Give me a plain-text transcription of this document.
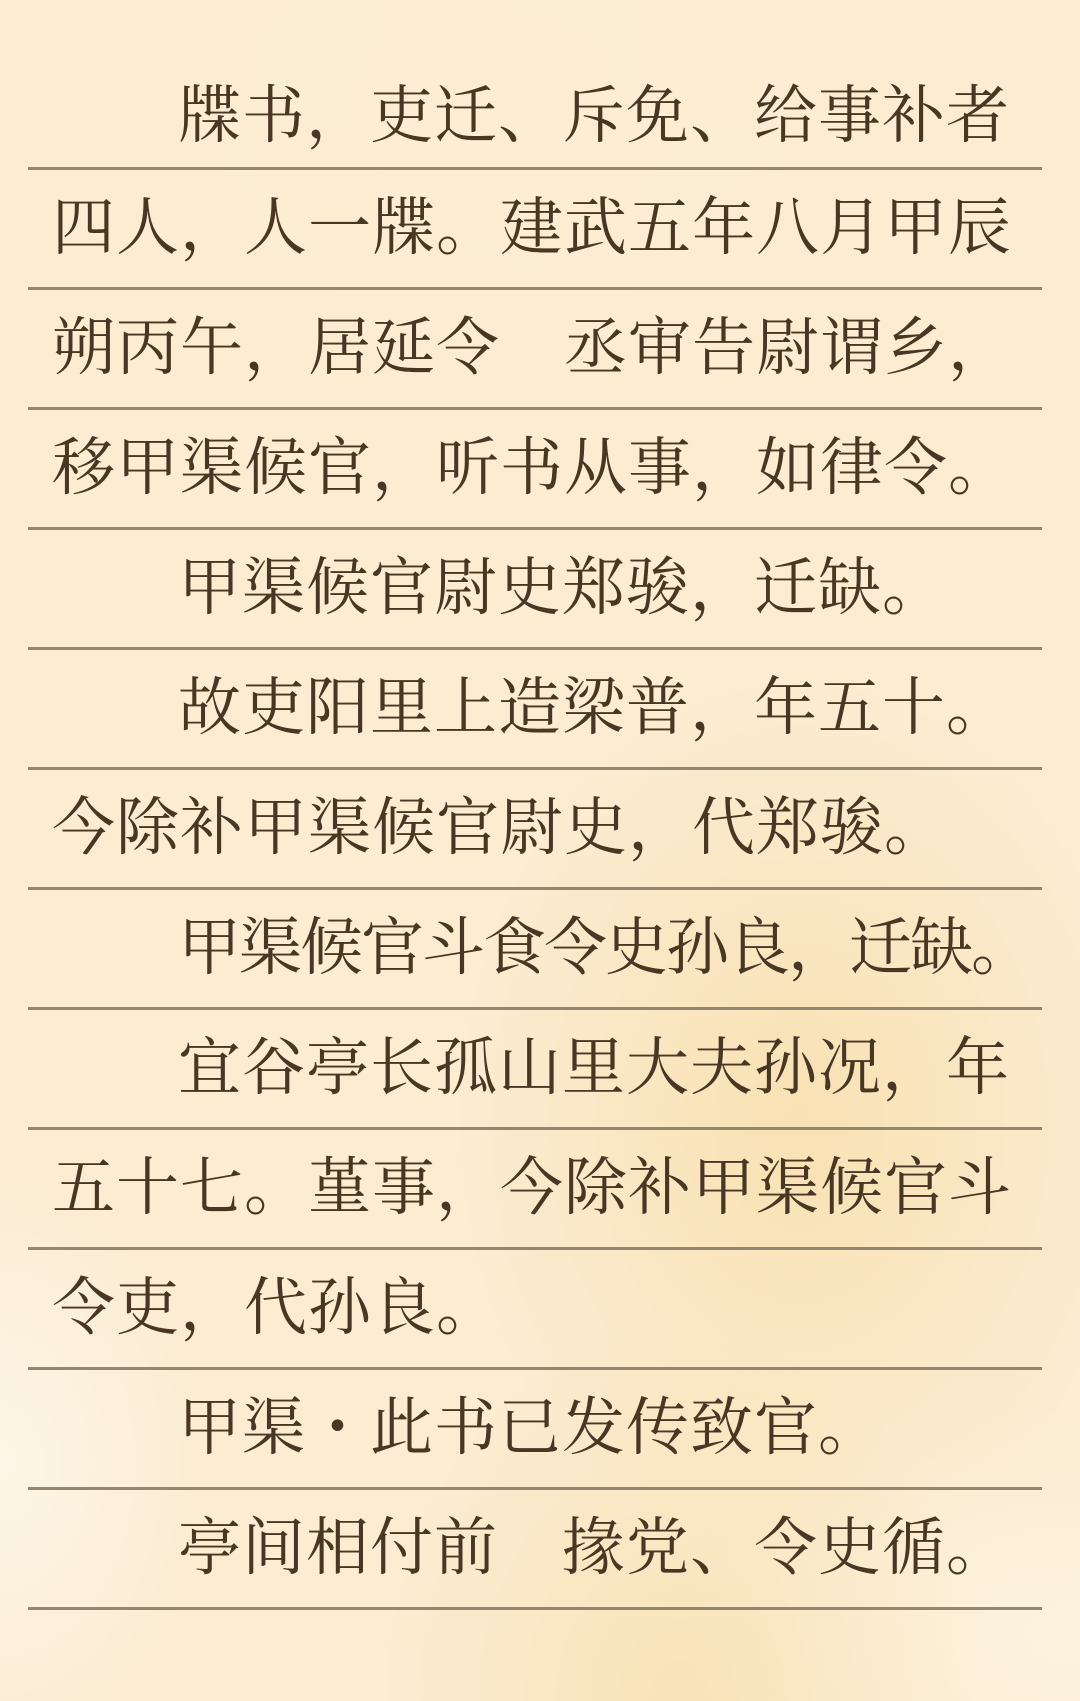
牒书，吏迁、斥免、给事补者

四人，人一牒。建武五年八月甲辰

朔丙午，居延令　丞审告尉谓乡，

移甲渠候官，听书从事，如律令。

甲渠候官尉史郑骏，迁缺。

故吏阳里上造梁普，年五十。

今除补甲渠候官尉史，代郑骏。

甲渠候官斗食令史孙良，迁缺。

宜谷亭长孤山里大夫孙况，年

五十七。堇事，今除补甲渠候官斗

令吏，代孙良。

甲渠・此书已发传致官。

亭间相付前　掾党、令史循。
